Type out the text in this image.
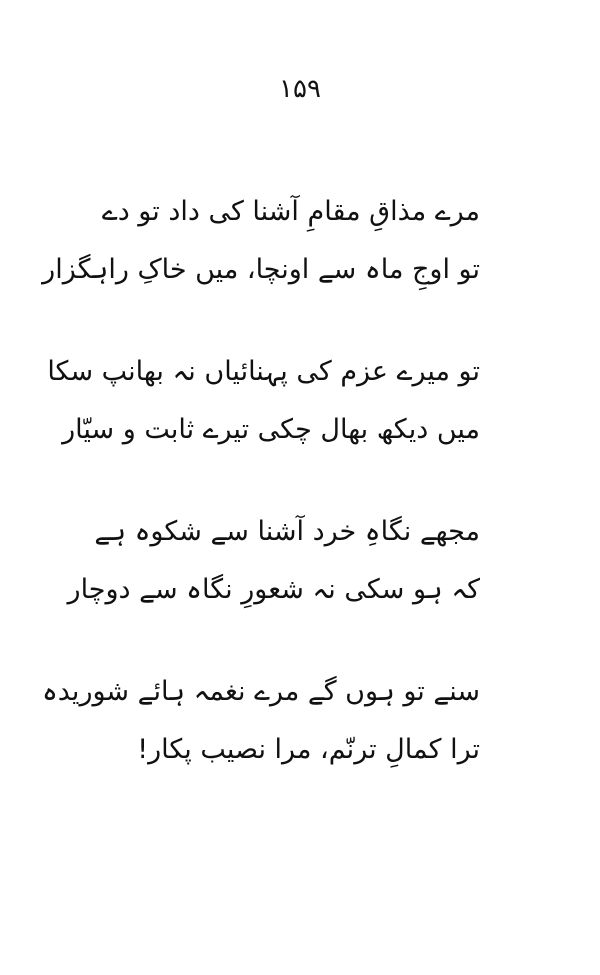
۱۵۹
مرے مذاقِ مقامِ آشنا کی داد تو دے
تو اوجِ ماہ سے اونچا، میں خاکِ راہگزار
تو میرے عزم کی پہنائیاں نہ بھانپ سکا
میں دیکھ بھال چکی تیرے ثابت و سیّار
مجھے نگاہِ خرد آشنا سے شکوہ ہے
کہ ہو سکی نہ شعورِ نگاہ سے دوچار
سنے تو ہوں گے مرے نغمہ ہائے شوریدہ
ترا کمالِ ترنّم، مرا نصیب پکار!
